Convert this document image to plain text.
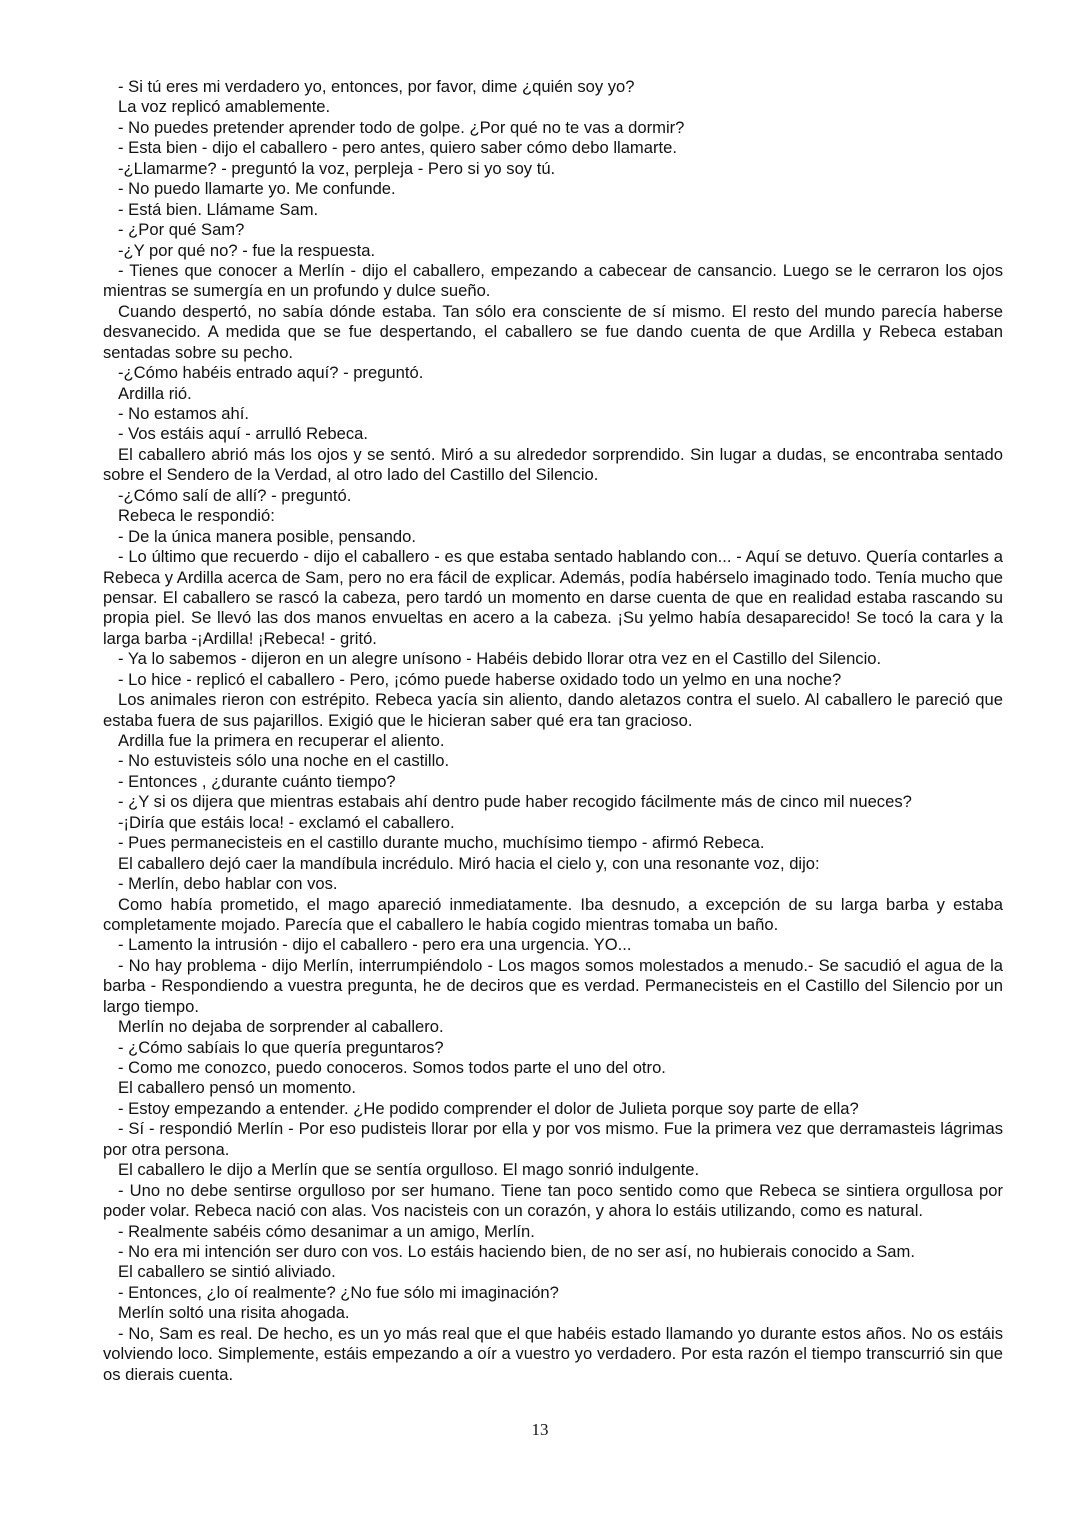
- Si tú eres mi verdadero yo, entonces, por favor, dime ¿quién soy yo?

La voz replicó amablemente.

- No puedes pretender aprender todo de golpe. ¿Por qué no te vas a dormir?

- Esta bien - dijo el caballero - pero antes, quiero saber cómo debo llamarte.

-¿Llamarme? - preguntó la voz, perpleja - Pero si yo soy tú.

- No puedo llamarte yo. Me confunde.

- Está bien. Llámame Sam.

- ¿Por qué Sam?

-¿Y por qué no? - fue la respuesta.

- Tienes que conocer a Merlín - dijo el caballero, empezando a cabecear de cansancio. Luego se le cerraron los ojos mientras se sumergía en un profundo y dulce sueño.

Cuando despertó, no sabía dónde estaba. Tan sólo era consciente de sí mismo. El resto del mundo parecía haberse desvanecido. A medida que se fue despertando, el caballero se fue dando cuenta de que Ardilla y Rebeca estaban sentadas sobre su pecho.

-¿Cómo habéis entrado aquí? - preguntó.

Ardilla rió.

- No estamos ahí.

- Vos estáis aquí - arrulló Rebeca.

El caballero abrió más los ojos y se sentó. Miró a su alrededor sorprendido. Sin lugar a dudas, se encontraba sentado sobre el Sendero de la Verdad, al otro lado del Castillo del Silencio.

-¿Cómo salí de allí? - preguntó.

Rebeca le respondió:

- De la única manera posible, pensando.

- Lo último que recuerdo - dijo el caballero - es que estaba sentado hablando con... - Aquí se detuvo. Quería contarles a Rebeca y Ardilla acerca de Sam, pero no era fácil de explicar. Además, podía habérselo imaginado todo. Tenía mucho que pensar. El caballero se rascó la cabeza, pero tardó un momento en darse cuenta de que en realidad estaba rascando su propia piel. Se llevó las dos manos envueltas en acero a la cabeza. ¡Su yelmo había desaparecido! Se tocó la cara y la larga barba -¡Ardilla! ¡Rebeca! - gritó.

- Ya lo sabemos - dijeron en un alegre unísono - Habéis debido llorar otra vez en el Castillo del Silencio.

- Lo hice - replicó el caballero - Pero, ¡cómo puede haberse oxidado todo un yelmo en una noche?

Los animales rieron con estrépito. Rebeca yacía sin aliento, dando aletazos contra el suelo. Al caballero le pareció que estaba fuera de sus pajarillos. Exigió que le hicieran saber qué era tan gracioso.

Ardilla fue la primera en recuperar el aliento.

- No estuvisteis sólo una noche en el castillo.

- Entonces , ¿durante cuánto tiempo?

- ¿Y si os dijera que mientras estabais ahí dentro pude haber recogido fácilmente más de cinco mil nueces?

-¡Diría que estáis loca! - exclamó el caballero.

- Pues permanecisteis en el castillo durante mucho, muchísimo tiempo - afirmó Rebeca.

El caballero dejó caer la mandíbula incrédulo. Miró hacia el cielo y, con una resonante voz, dijo:

- Merlín, debo hablar con vos.

Como había prometido, el mago apareció inmediatamente. Iba desnudo, a excepción de su larga barba y estaba completamente mojado. Parecía que el caballero le había cogido mientras tomaba un baño.

- Lamento la intrusión - dijo el caballero - pero era una urgencia. YO...

- No hay problema - dijo Merlín, interrumpiéndolo - Los magos somos molestados a menudo.- Se sacudió el agua de la barba - Respondiendo a vuestra pregunta, he de deciros que es verdad. Permanecisteis en el Castillo del Silencio por un largo tiempo.

Merlín no dejaba de sorprender al caballero.

- ¿Cómo sabíais lo que quería preguntaros?

- Como me conozco, puedo conoceros. Somos todos parte el uno del otro.

El caballero pensó un momento.

- Estoy empezando a entender. ¿He podido comprender el dolor de Julieta porque soy parte de ella?

- Sí - respondió Merlín - Por eso pudisteis llorar por ella y por vos mismo. Fue la primera vez que derramasteis lágrimas por otra persona.

El caballero le dijo a Merlín que se sentía orgulloso. El mago sonrió indulgente.

- Uno no debe sentirse orgulloso por ser humano. Tiene tan poco sentido como que Rebeca se sintiera orgullosa por poder volar. Rebeca nació con alas. Vos nacisteis con un corazón, y ahora lo estáis utilizando, como es natural.

- Realmente sabéis cómo desanimar a un amigo, Merlín.

- No era mi intención ser duro con vos. Lo estáis haciendo bien, de no ser así, no hubierais conocido a Sam.

El caballero se sintió aliviado.

- Entonces, ¿lo oí realmente? ¿No fue sólo mi imaginación?

Merlín soltó una risita ahogada.

- No, Sam es real. De hecho, es un yo más real que el que habéis estado llamando yo durante estos años. No os estáis volviendo loco. Simplemente, estáis empezando a oír a vuestro yo verdadero. Por esta razón el tiempo transcurrió sin que os dierais cuenta.

13
